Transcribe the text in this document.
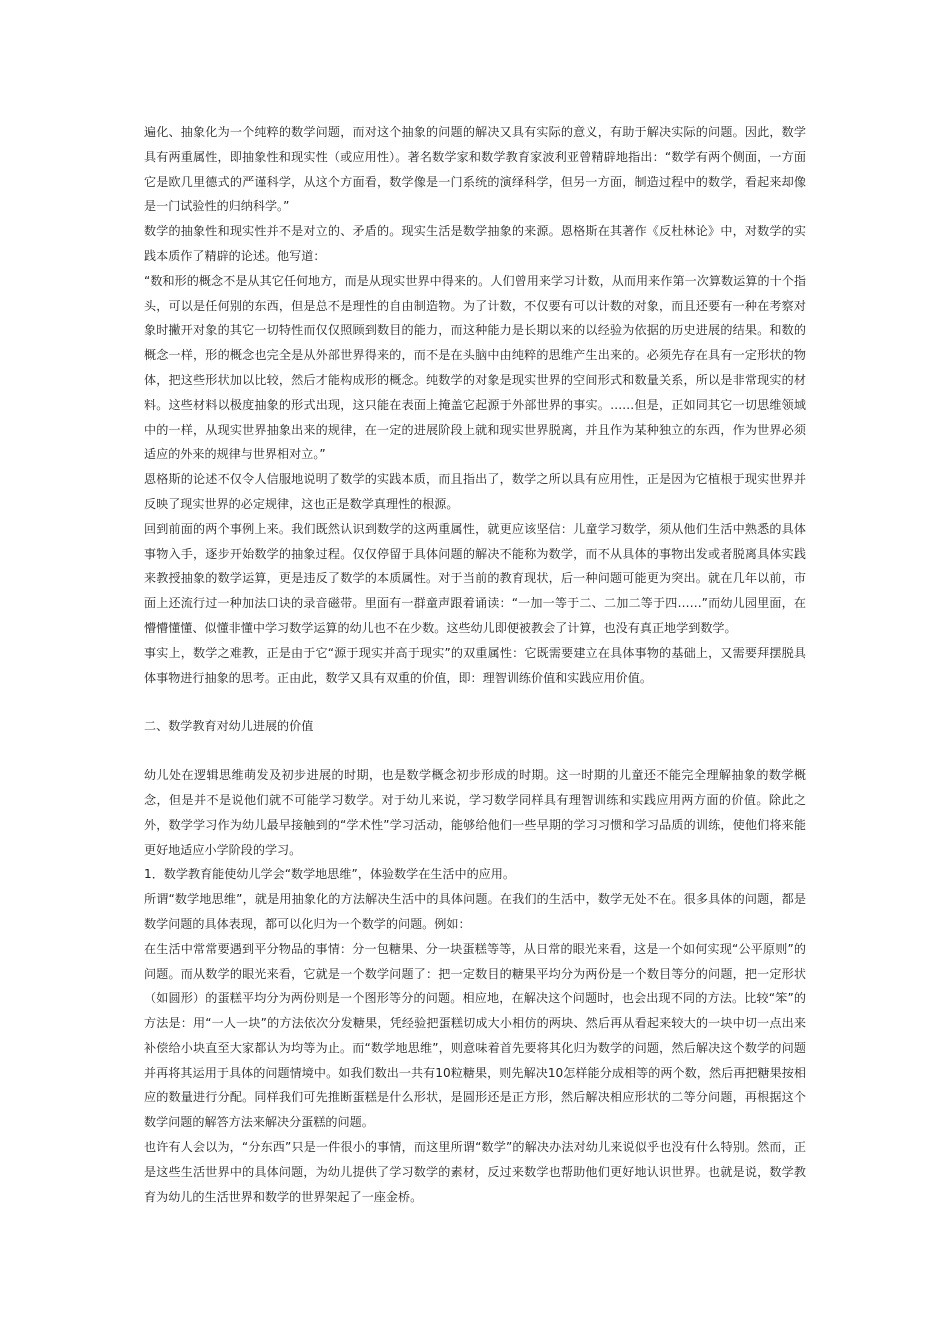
遍化、抽象化为一个纯粹的数学问题，而对这个抽象的问题的解决又具有实际的意义，有助于解决实际的问题。因此，数学具有两重属性，即抽象性和现实性（或应用性）。著名数学家和数学教育家波利亚曾精辟地指出：“数学有两个侧面，一方面它是欧几里德式的严谨科学，从这个方面看，数学像是一门系统的演绎科学，但另一方面，制造过程中的数学，看起来却像是一门试验性的归纳科学。”

数学的抽象性和现实性并不是对立的、矛盾的。现实生活是数学抽象的来源。恩格斯在其著作《反杜林论》中，对数学的实践本质作了精辟的论述。他写道：

“数和形的概念不是从其它任何地方，而是从现实世界中得来的。人们曾用来学习计数，从而用来作第一次算数运算的十个指头，可以是任何别的东西，但是总不是理性的自由制造物。为了计数，不仅要有可以计数的对象，而且还要有一种在考察对象时撇开对象的其它一切特性而仅仅照顾到数目的能力，而这种能力是长期以来的以经验为依据的历史进展的结果。和数的概念一样，形的概念也完全是从外部世界得来的，而不是在头脑中由纯粹的思维产生出来的。必须先存在具有一定形状的物体，把这些形状加以比较，然后才能构成形的概念。纯数学的对象是现实世界的空间形式和数量关系，所以是非常现实的材料。这些材料以极度抽象的形式出现，这只能在表面上掩盖它起源于外部世界的事实。……但是，正如同其它一切思维领域中的一样，从现实世界抽象出来的规律，在一定的进展阶段上就和现实世界脱离，并且作为某种独立的东西，作为世界必须适应的外来的规律与世界相对立。”

恩格斯的论述不仅令人信服地说明了数学的实践本质，而且指出了，数学之所以具有应用性，正是因为它植根于现实世界并反映了现实世界的必定规律，这也正是数学真理性的根源。

回到前面的两个事例上来。我们既然认识到数学的这两重属性，就更应该坚信：儿童学习数学，须从他们生活中熟悉的具体事物入手，逐步开始数学的抽象过程。仅仅停留于具体问题的解决不能称为数学，而不从具体的事物出发或者脱离具体实践来教授抽象的数学运算，更是违反了数学的本质属性。对于当前的教育现状，后一种问题可能更为突出。就在几年以前，市面上还流行过一种加法口诀的录音磁带。里面有一群童声跟着诵读：“一加一等于二、二加二等于四……”而幼儿园里面，在懵懵懂懂、似懂非懂中学习数学运算的幼儿也不在少数。这些幼儿即便被教会了计算，也没有真正地学到数学。

事实上，数学之难教，正是由于它“源于现实并高于现实”的双重属性：它既需要建立在具体事物的基础上，又需要拜摆脱具体事物进行抽象的思考。正由此，数学又具有双重的价值，即：理智训练价值和实践应用价值。

二、数学教育对幼儿进展的价值

幼儿处在逻辑思维萌发及初步进展的时期，也是数学概念初步形成的时期。这一时期的儿童还不能完全理解抽象的数学概念，但是并不是说他们就不可能学习数学。对于幼儿来说，学习数学同样具有理智训练和实践应用两方面的价值。除此之外，数学学习作为幼儿最早接触到的“学术性”学习活动，能够给他们一些早期的学习习惯和学习品质的训练，使他们将来能更好地适应小学阶段的学习。

1．数学教育能使幼儿学会“数学地思维”，体验数学在生活中的应用。

所谓“数学地思维”，就是用抽象化的方法解决生活中的具体问题。在我们的生活中，数学无处不在。很多具体的问题，都是数学问题的具体表现，都可以化归为一个数学的问题。例如：

在生活中常常要遇到平分物品的事情：分一包糖果、分一块蛋糕等等，从日常的眼光来看，这是一个如何实现“公平原则”的问题。而从数学的眼光来看，它就是一个数学问题了：把一定数目的糖果平均分为两份是一个数目等分的问题，把一定形状（如圆形）的蛋糕平均分为两份则是一个图形等分的问题。相应地，在解决这个问题时，也会出现不同的方法。比较“笨”的方法是：用“一人一块”的方法依次分发糖果，凭经验把蛋糕切成大小相仿的两块、然后再从看起来较大的一块中切一点出来补偿给小块直至大家都认为均等为止。而“数学地思维”，则意味着首先要将其化归为数学的问题，然后解决这个数学的问题并再将其运用于具体的问题情境中。如我们数出一共有10粒糖果，则先解决10怎样能分成相等的两个数，然后再把糖果按相应的数量进行分配。同样我们可先推断蛋糕是什么形状，是圆形还是正方形，然后解决相应形状的二等分问题，再根据这个数学问题的解答方法来解决分蛋糕的问题。

也许有人会以为，“分东西”只是一件很小的事情，而这里所谓“数学”的解决办法对幼儿来说似乎也没有什么特别。然而，正是这些生活世界中的具体问题，为幼儿提供了学习数学的素材，反过来数学也帮助他们更好地认识世界。也就是说，数学教育为幼儿的生活世界和数学的世界架起了一座金桥。
